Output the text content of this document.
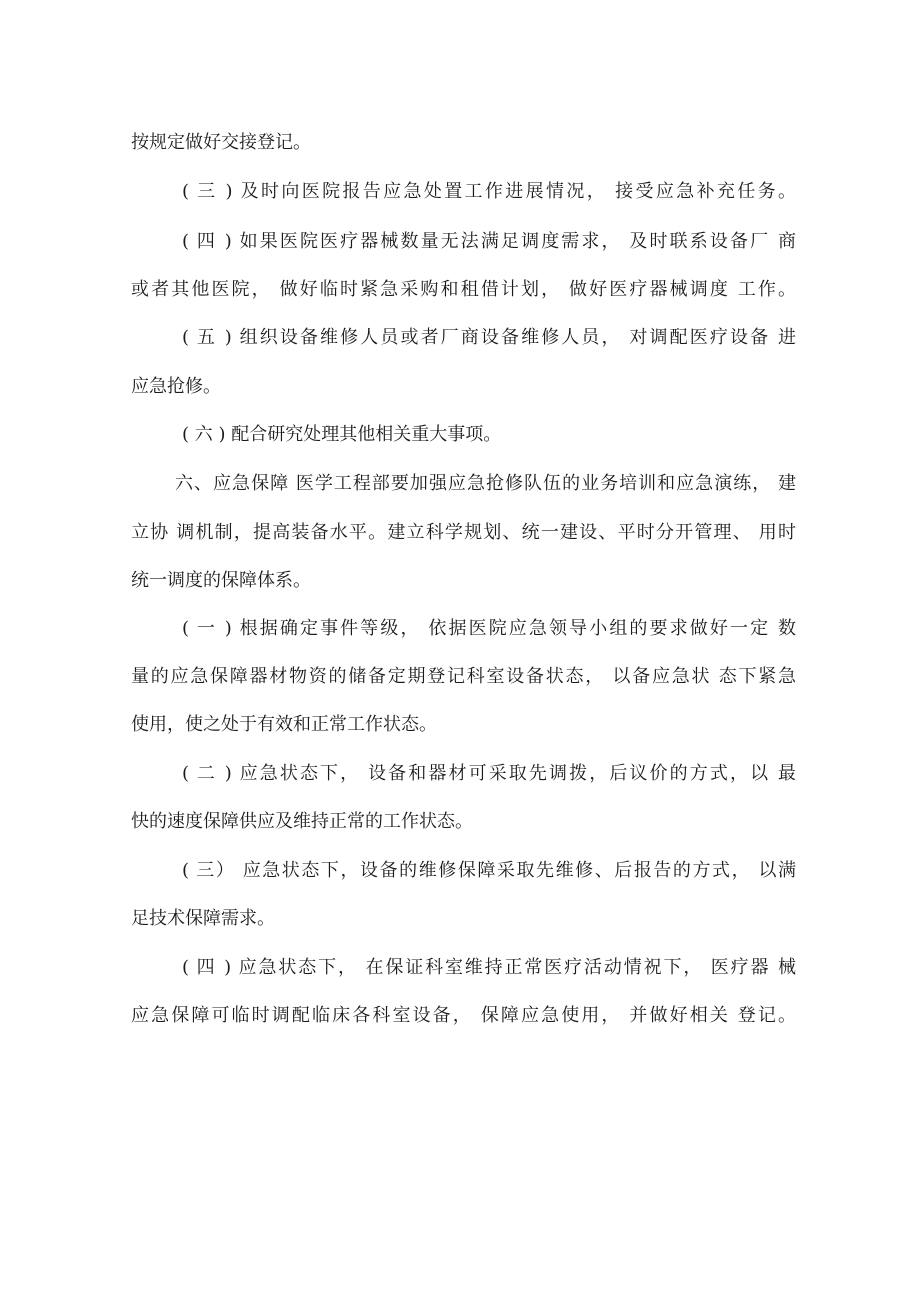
按规定做好交接登记。
( 三 ) 及时向医院报告应急处置工作进展情况， 接受应急补充任务。
( 四 ) 如果医院医疗器械数量无法满足调度需求， 及时联系设备厂 商
或者其他医院， 做好临时紧急采购和租借计划， 做好医疗器械调度 工作。
( 五 ) 组织设备维修人员或者厂商设备维修人员， 对调配医疗设备 进
应急抢修。
( 六 ) 配合研究处理其他相关重大事项。
六、应急保障 医学工程部要加强应急抢修队伍的业务培训和应急演练， 建
立协 调机制，提高装备水平。建立科学规划、统一建设、平时分开管理、 用时
统一调度的保障体系。
( 一 ) 根据确定事件等级， 依据医院应急领导小组的要求做好一定 数
量的应急保障器材物资的储备定期登记科室设备状态， 以备应急状 态下紧急
使用，使之处于有效和正常工作状态。
( 二 ) 应急状态下， 设备和器材可采取先调拨，后议价的方式，以 最
快的速度保障供应及维持正常的工作状态。
( 三） 应急状态下，设备的维修保障采取先维修、后报告的方式， 以满
足技术保障需求。
( 四 ) 应急状态下， 在保证科室维持正常医疗活动情祝下， 医疗器 械
应急保障可临时调配临床各科室设备， 保障应急使用， 并做好相关 登记。
